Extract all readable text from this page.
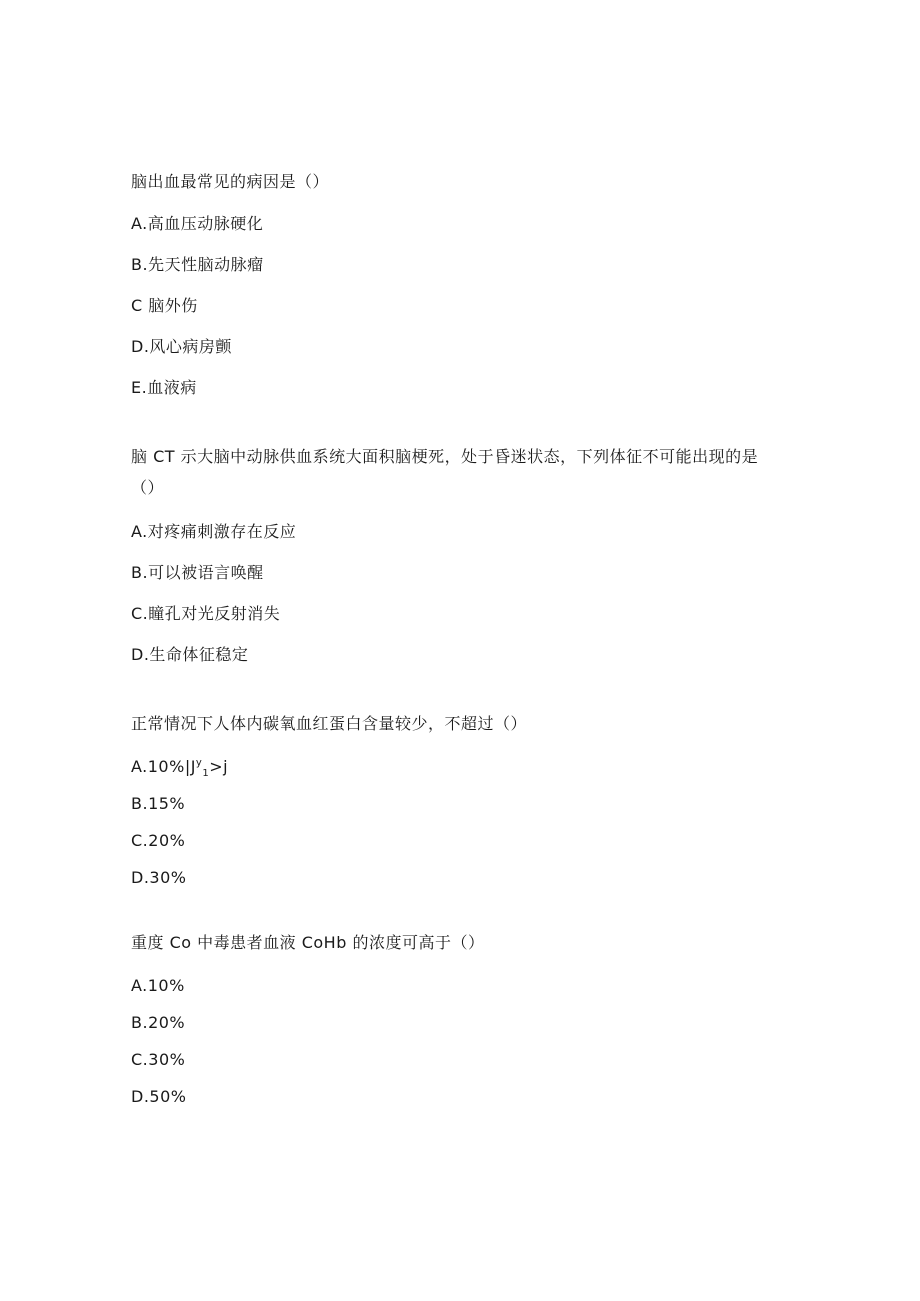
脑出血最常见的病因是（）
A.高血压动脉硬化
B.先天性脑动脉瘤
C 脑外伤
D.风心病房颤
E.血液病
脑 CT 示大脑中动脉供血系统大面积脑梗死，处于昏迷状态，下列体征不可能出现的是
（）
A.对疼痛刺激存在反应
B.可以被语言唤醒
C.瞳孔对光反射消失
D.生命体征稳定
正常情况下人体内碳氧血红蛋白含量较少，不超过（）
$A.10\%|J^y_1>j$
B.15%
C.20%
D.30%
重度 Co 中毒患者血液 CoHb 的浓度可高于（）
A.10%
B.20%
C.30%
D.50%
